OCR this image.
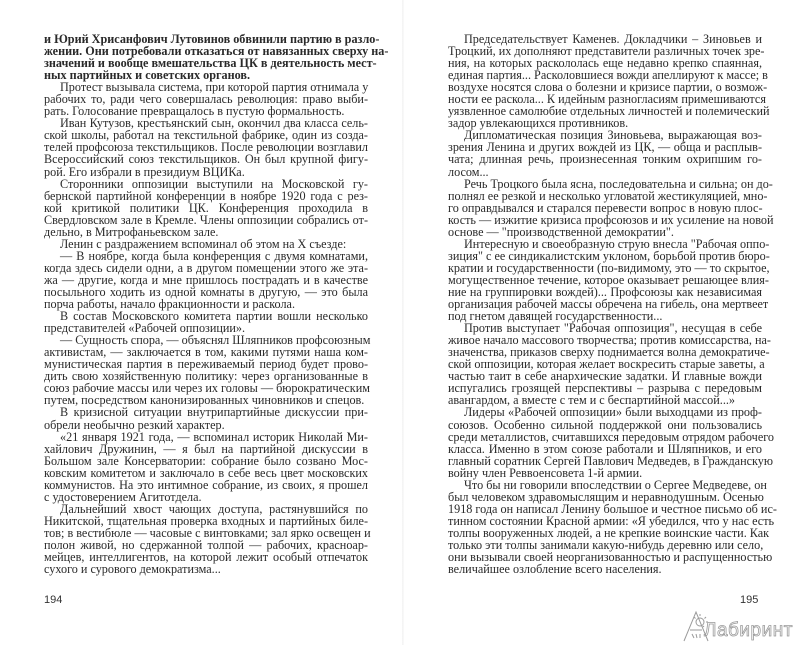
и Юрий Хрисанфович Лутовинов обвинили партию в разло-
жении. Они потребовали отказаться от навязанных сверху на-
значений и вообще вмешательства ЦК в деятельность мест-
ных партийных и советских органов.
Протест вызывала система, при которой партия отнимала у
рабочих то, ради чего совершалась революция: право выби-
рать. Голосование превращалось в пустую формальность.
Иван Кутузов, крестьянский сын, окончил два класса сель-
ской школы, работал на текстильной фабрике, один из созда-
телей профсоюза текстильщиков. После революции возглавил
Всероссийский союз текстильщиков. Он был крупной фигу-
рой. Его избрали в президиум ВЦИКа.
Сторонники оппозиции выступили на Московской гу-
бернской партийной конференции в ноябре 1920 года с рез-
кой критикой политики ЦК. Конференция проходила в
Свердловском зале в Кремле. Члены оппозиции собрались от-
дельно, в Митрофаньевском зале.
Ленин с раздражением вспоминал об этом на X съезде:
— В ноябре, когда была конференция с двумя комнатами,
когда здесь сидели одни, а в другом помещении этого же эта-
жа — другие, когда и мне пришлось пострадать и в качестве
посыльного ходить из одной комнаты в другую, — это была
порча работы, начало фракционности и раскола.
В состав Московского комитета партии вошли несколько
представителей «Рабочей оппозиции».
— Сущность спора, — объяснял Шляпников профсоюзным
активистам, — заключается в том, какими путями наша ком-
мунистическая партия в переживаемый период будет прово-
дить свою хозяйственную политику: через организованные в
союз рабочие массы или через их головы — бюрократическим
путем, посредством канонизированных чиновников и спецов.
В кризисной ситуации внутрипартийные дискуссии при-
обрели необычно резкий характер.
«21 января 1921 года, — вспоминал историк Николай Ми-
хайлович Дружинин, — я был на партийной дискуссии в
Большом зале Консерватории: собрание было созвано Мос-
ковским комитетом и заключало в себе весь цвет московских
коммунистов. На это интимное собрание, из своих, я прошел
с удостоверением Агитотдела.
Дальнейший хвост чающих доступа, растянувшийся по
Никитской, тщательная проверка входных и партийных биле-
тов; в вестибюле — часовые с винтовками; зал ярко освещен и
полон живой, но сдержанной толпой — рабочих, красноар-
мейцев, интеллигентов, на которой лежит особый отпечаток
сухого и сурового демократизма...
194
Председательствует Каменев. Докладчики – Зиновьев и
Троцкий, их дополняют представители различных точек зре-
ния, на которых раскололась еще недавно крепко спаянная,
единая партия... Расколовшиеся вожди апеллируют к массе; в
воздухе носятся слова о болезни и кризисе партии, о возмож-
ности ее раскола... К идейным разногласиям примешиваются
уязвленное самолюбие отдельных личностей и полемический
задор увлекающихся противников.
Дипломатическая позиция Зиновьева, выражающая воз-
зрения Ленина и других вождей из ЦК, — обща и расплыв-
чата; длинная речь, произнесенная тонким охрипшим го-
лосом...
Речь Троцкого была ясна, последовательна и сильна; он до-
полнял ее резкой и несколько угловатой жестикуляцией, мно-
го оправдывался и старался перевести вопрос в новую плос-
кость — изжитие кризиса профсоюзов и их усиление на новой
основе — "производственной демократии".
Интересную и своеобразную струю внесла "Рабочая оппо-
зиция" с ее синдикалистским уклоном, борьбой против бюро-
кратии и государственности (по-видимому, это — то скрытое,
могущественное течение, которое оказывает решающее влия-
ние на группировки вождей)... Профсоюзы как независимая
организация рабочей массы обречена на гибель, она мертвеет
под гнетом давящей государственности...
Против выступает "Рабочая оппозиция", несущая в себе
живое начало массового творчества; против комиссарства, на-
значенства, приказов сверху поднимается волна демократиче-
ской оппозиции, которая желает воскресить старые заветы, а
частью таит в себе анархические задатки. И главные вожди
испугались грозящей перспективы – разрыва с передовым
авангардом, а вместе с тем и с беспартийной массой...»
Лидеры «Рабочей оппозиции» были выходцами из проф-
союзов. Особенно сильной поддержкой они пользовались
среди металлистов, считавшихся передовым отрядом рабочего
класса. Именно в этом союзе работали и Шляпников, и его
главный соратник Сергей Павлович Медведев, в Гражданскую
войну член Реввоенсовета 1-й армии.
Что бы ни говорили впоследствии о Сергее Медведеве, он
был человеком здравомыслящим и неравнодушным. Осенью
1918 года он написал Ленину большое и честное письмо об ис-
тинном состоянии Красной армии: «Я убедился, что у нас есть
толпы вооруженных людей, а не крепкие воинские части. Как
только эти толпы занимали какую-нибудь деревню или село,
они вызывали своей неорганизованностью и распущенностью
величайшее озлобление всего населения.
195
Лабиринт
